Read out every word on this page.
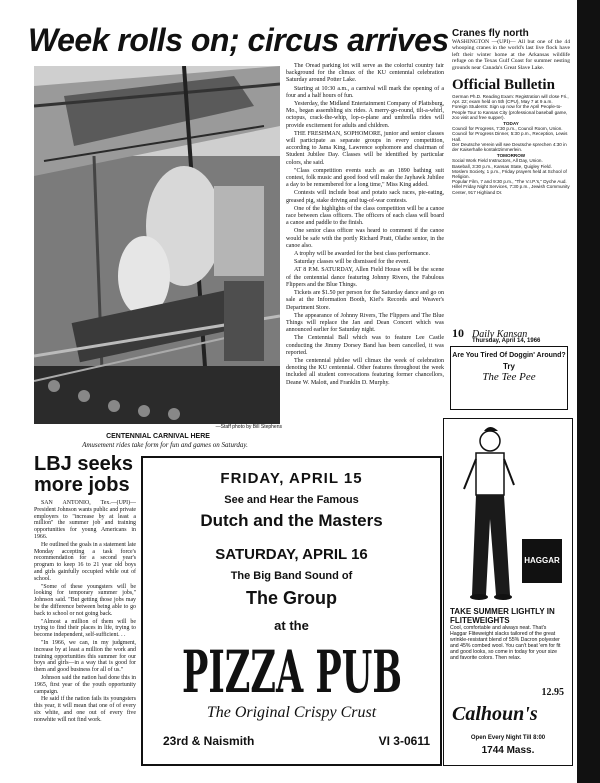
Week rolls on; circus arrives
—Staff photo by Bill Stephens
CENTENNIAL CARNIVAL HERE
Amusement rides take form for fun and games on Saturday.

The Oread parking lot will serve as the colorful country fair background for the climax of the KU centennial celebration Saturday around Potter Lake.

Starting at 10:30 a.m., a carnival will mark the opening of a four and a half hours of fun.

Yesterday, the Midland Entertainment Company of Plattsburg, Mo., began assembling six rides. A merry-go-round, tilt-a-whirl, octopus, crack-the-whip, lop-o-plane and umbrella rides will provide excitement for adults and children.

THE FRESHMAN, SOPHOMORE, junior and senior classes will participate as separate groups in every competition, according to Jama King, Lawrence sophomore and chairman of Student Jubilee Day. Classes will be identified by particular colors, she said.

"Class competition events such as an 1890 bathing suit contest, folk music and good food will make the Jayhawk Jubilee a day to be remembered for a long time," Miss King added.

Contests will include boat and potato sack races, pie-eating, greased pig, stake driving and tug-of-war contests.

One of the highlights of the class competition will be a canoe race between class officers. The officers of each class will board a canoe and paddle to the finish.

One senior class officer was heard to comment if the canoe would be safe with the portly Richard Pratt, Olathe senior, in the canoe also.

A trophy will be awarded for the best class performance.

Saturday classes will be dismissed for the event.

AT 8 P.M. SATURDAY, Allen Field House will be the scene of the centennial dance featuring Johnny Rivers, the Fabulous Flippers and the Blue Things.

Tickets are $1.50 per person for the Saturday dance and go on sale at the Information Booth, Kief's Records and Weaver's Department Store.

The appearance of Johnny Rivers, The Flippers and The Blue Things will replace the Jan and Dean Concert which was announced earlier for Saturday night.

The Centennial Ball which was to feature Lee Castle conducting the Jimmy Dorsey Band has been cancelled, it was reported.

The centennial jubilee will climax the week of celebration denoting the KU centennial. Other features throughout the week included all student convocations featuring former chancellors, Deane W. Malott, and Franklin D. Murphy.

Cranes fly north
WASHINGTON —(UPI)— All but one of the 44 whooping cranes in the world's last live flock have left their winter home at the Arkansas wildlife refuge on the Texas Gulf Coast for summer nesting grounds near Canada's Great Slave Lake.
Official Bulletin
German Ph.D. Reading Exam: Registration will close Fri., Apr. 22; exam held on 5th (CPU), May 7 at 9 a.m.
Foreign Students: Sign up now for the April People-to-People Tour to Kansas City (professional baseball game, zoo visit and free supper).
TODAY
Council for Progress, 7:30 p.m., Council Room, Union.
Council for Progress Dinner, 5:30 p.m., Reception, Lewis Hall.
Der Deutsche Verein will see Deutsche sprechen 4:30 in der Kaiserhalle kontaktzimmerlein.
TOMORROW
Social Work Field Instructors, All Day, Union.
Baseball, 3:30 p.m., Kansas State, Quigley Field.
Moslem Society, 1 p.m., Friday prayers held at School of Religion.
Popular Film, 7 and 9:30 p.m., "The V.I.P.'s," Dyche Aud.
Hillel Friday Night Services, 7:30 p.m., Jewish Community Center, 917 Highland Dr.
10 Daily Kansan
Thursday, April 14, 1966
Are You Tired Of Doggin' Around?
Try
The Tee Pee
HAGGAR
TAKE SUMMER LIGHTLY IN FLITEWEIGHTS
Cool, comfortable and always neat. That's Haggar Fliteweight slacks tailored of the great wrinkle-resistant blend of 55% Dacron polyester and 45% combed wool. You can't beat 'em for fit and good looks, so come in today for your size and favorite colors. Then relax.
12.95
Calhoun's
Open Every Night Till 8:00
1744 Mass.
LBJ seeks more jobs

SAN ANTONIO, Tex.—(UPI)— President Johnson wants public and private employers to "increase by at least a million" the summer job and training opportunities for young Americans in 1966.

He outlined the goals in a statement late Monday accepting a task force's recommendation for a second year's program to keep 16 to 21 year old boys and girls gainfully occupied while out of school.

"Some of these youngsters will be looking for temporary summer jobs," Johnson said. "But getting those jobs may be the difference between being able to go back to school or not going back.

"Almost a million of them will be trying to find their places in life, trying to become independent, self-sufficient. . .

"In 1966, we can, in my judgment, increase by at least a million the work and training opportunities this summer for our boys and girls—in a way that is good for them and good business for all of us."

Johnson said the nation had done this in 1965, first year of the youth opportunity campaign.

He said if the nation fails its youngsters this year, it will mean that one of of every six white, and one out of every five nonwhite will not find work.

FRIDAY, APRIL 15
See and Hear the Famous
Dutch and the Masters
SATURDAY, APRIL 16
The Big Band Sound of
The Group
at the
PIZZA PUB
The Original Crispy Crust
23rd & Naismith	VI 3-0611
